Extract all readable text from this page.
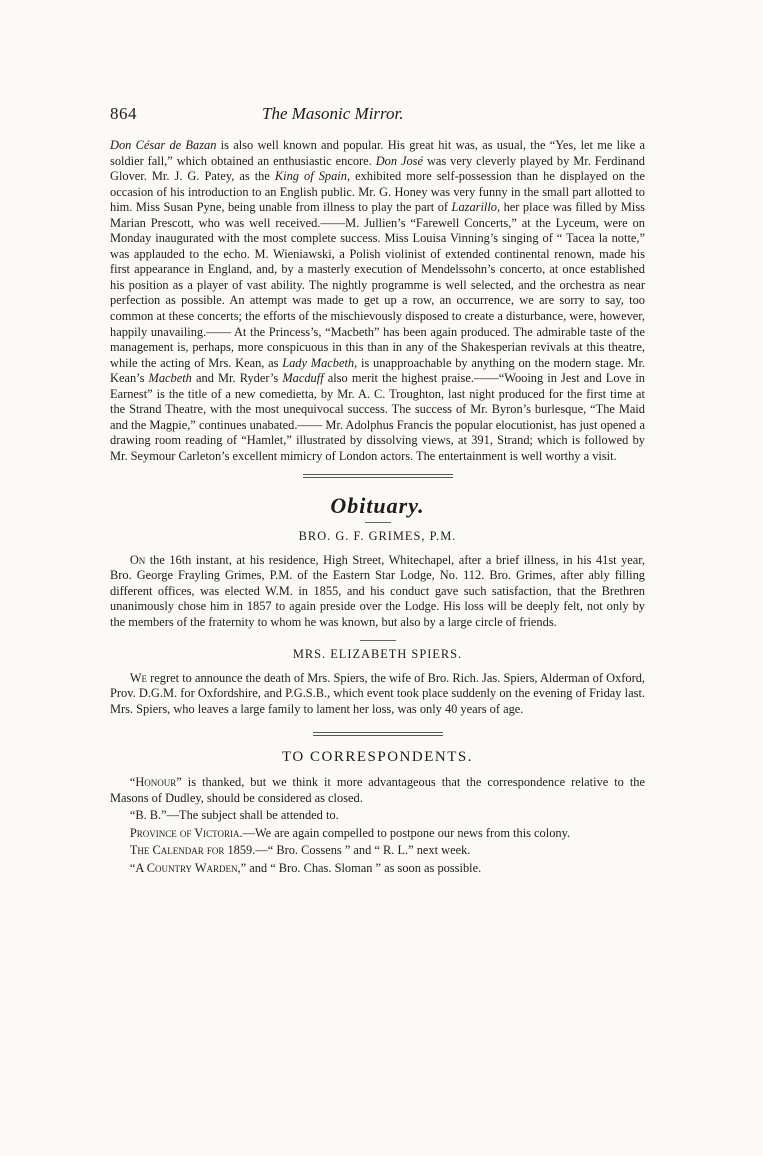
864	The Masonic Mirror.

Don César de Bazan is also well known and popular. His great hit was, as usual, the “Yes, let me like a soldier fall,” which obtained an enthusiastic encore. Don José was very cleverly played by Mr. Ferdinand Glover. Mr. J. G. Patey, as the King of Spain, exhibited more self-possession than he displayed on the occasion of his introduction to an English public. Mr. G. Honey was very funny in the small part allotted to him. Miss Susan Pyne, being unable from illness to play the part of Lazarillo, her place was filled by Miss Marian Prescott, who was well received.——M. Jullien’s “Farewell Concerts,” at the Lyceum, were on Monday inaugurated with the most complete success. Miss Louisa Vinning’s singing of “ Tacea la notte,” was applauded to the echo. M. Wieniawski, a Polish violinist of extended continental renown, made his first appearance in England, and, by a masterly execution of Mendelssohn’s concerto, at once established his position as a player of vast ability. The nightly programme is well selected, and the orchestra as near perfection as possible. An attempt was made to get up a row, an occurrence, we are sorry to say, too common at these concerts; the efforts of the mischievously disposed to create a disturbance, were, however, happily unavailing.—— At the Princess’s, “Macbeth” has been again produced. The admirable taste of the management is, perhaps, more conspicuous in this than in any of the Shakesperian revivals at this theatre, while the acting of Mrs. Kean, as Lady Macbeth, is unapproachable by anything on the modern stage. Mr. Kean’s Macbeth and Mr. Ryder’s Macduff also merit the highest praise.——“Wooing in Jest and Love in Earnest” is the title of a new comedietta, by Mr. A. C. Troughton, last night produced for the first time at the Strand Theatre, with the most unequivocal success. The success of Mr. Byron’s burlesque, “The Maid and the Magpie,” continues unabated.—— Mr. Adolphus Francis the popular elocutionist, has just opened a drawing room reading of “Hamlet,” illustrated by dissolving views, at 391, Strand; which is followed by Mr. Seymour Carleton’s excellent mimicry of London actors. The entertainment is well worthy a visit.

Obituary.
BRO. G. F. GRIMES, P.M.

On the 16th instant, at his residence, High Street, Whitechapel, after a brief illness, in his 41st year, Bro. George Frayling Grimes, P.M. of the Eastern Star Lodge, No. 112. Bro. Grimes, after ably filling different offices, was elected W.M. in 1855, and his conduct gave such satisfaction, that the Brethren unanimously chose him in 1857 to again preside over the Lodge. His loss will be deeply felt, not only by the members of the fraternity to whom he was known, but also by a large circle of friends.

MRS. ELIZABETH SPIERS.

We regret to announce the death of Mrs. Spiers, the wife of Bro. Rich. Jas. Spiers, Alderman of Oxford, Prov. D.G.M. for Oxfordshire, and P.G.S.B., which event took place suddenly on the evening of Friday last. Mrs. Spiers, who leaves a large family to lament her loss, was only 40 years of age.

TO CORRESPONDENTS.

“Honour” is thanked, but we think it more advantageous that the correspondence relative to the Masons of Dudley, should be considered as closed.

“B. B.”—The subject shall be attended to.

Province of Victoria.—We are again compelled to postpone our news from this colony.

The Calendar for 1859.—“ Bro. Cossens ” and “ R. L.” next week.

“A Country Warden,” and “ Bro. Chas. Sloman ” as soon as possible.
